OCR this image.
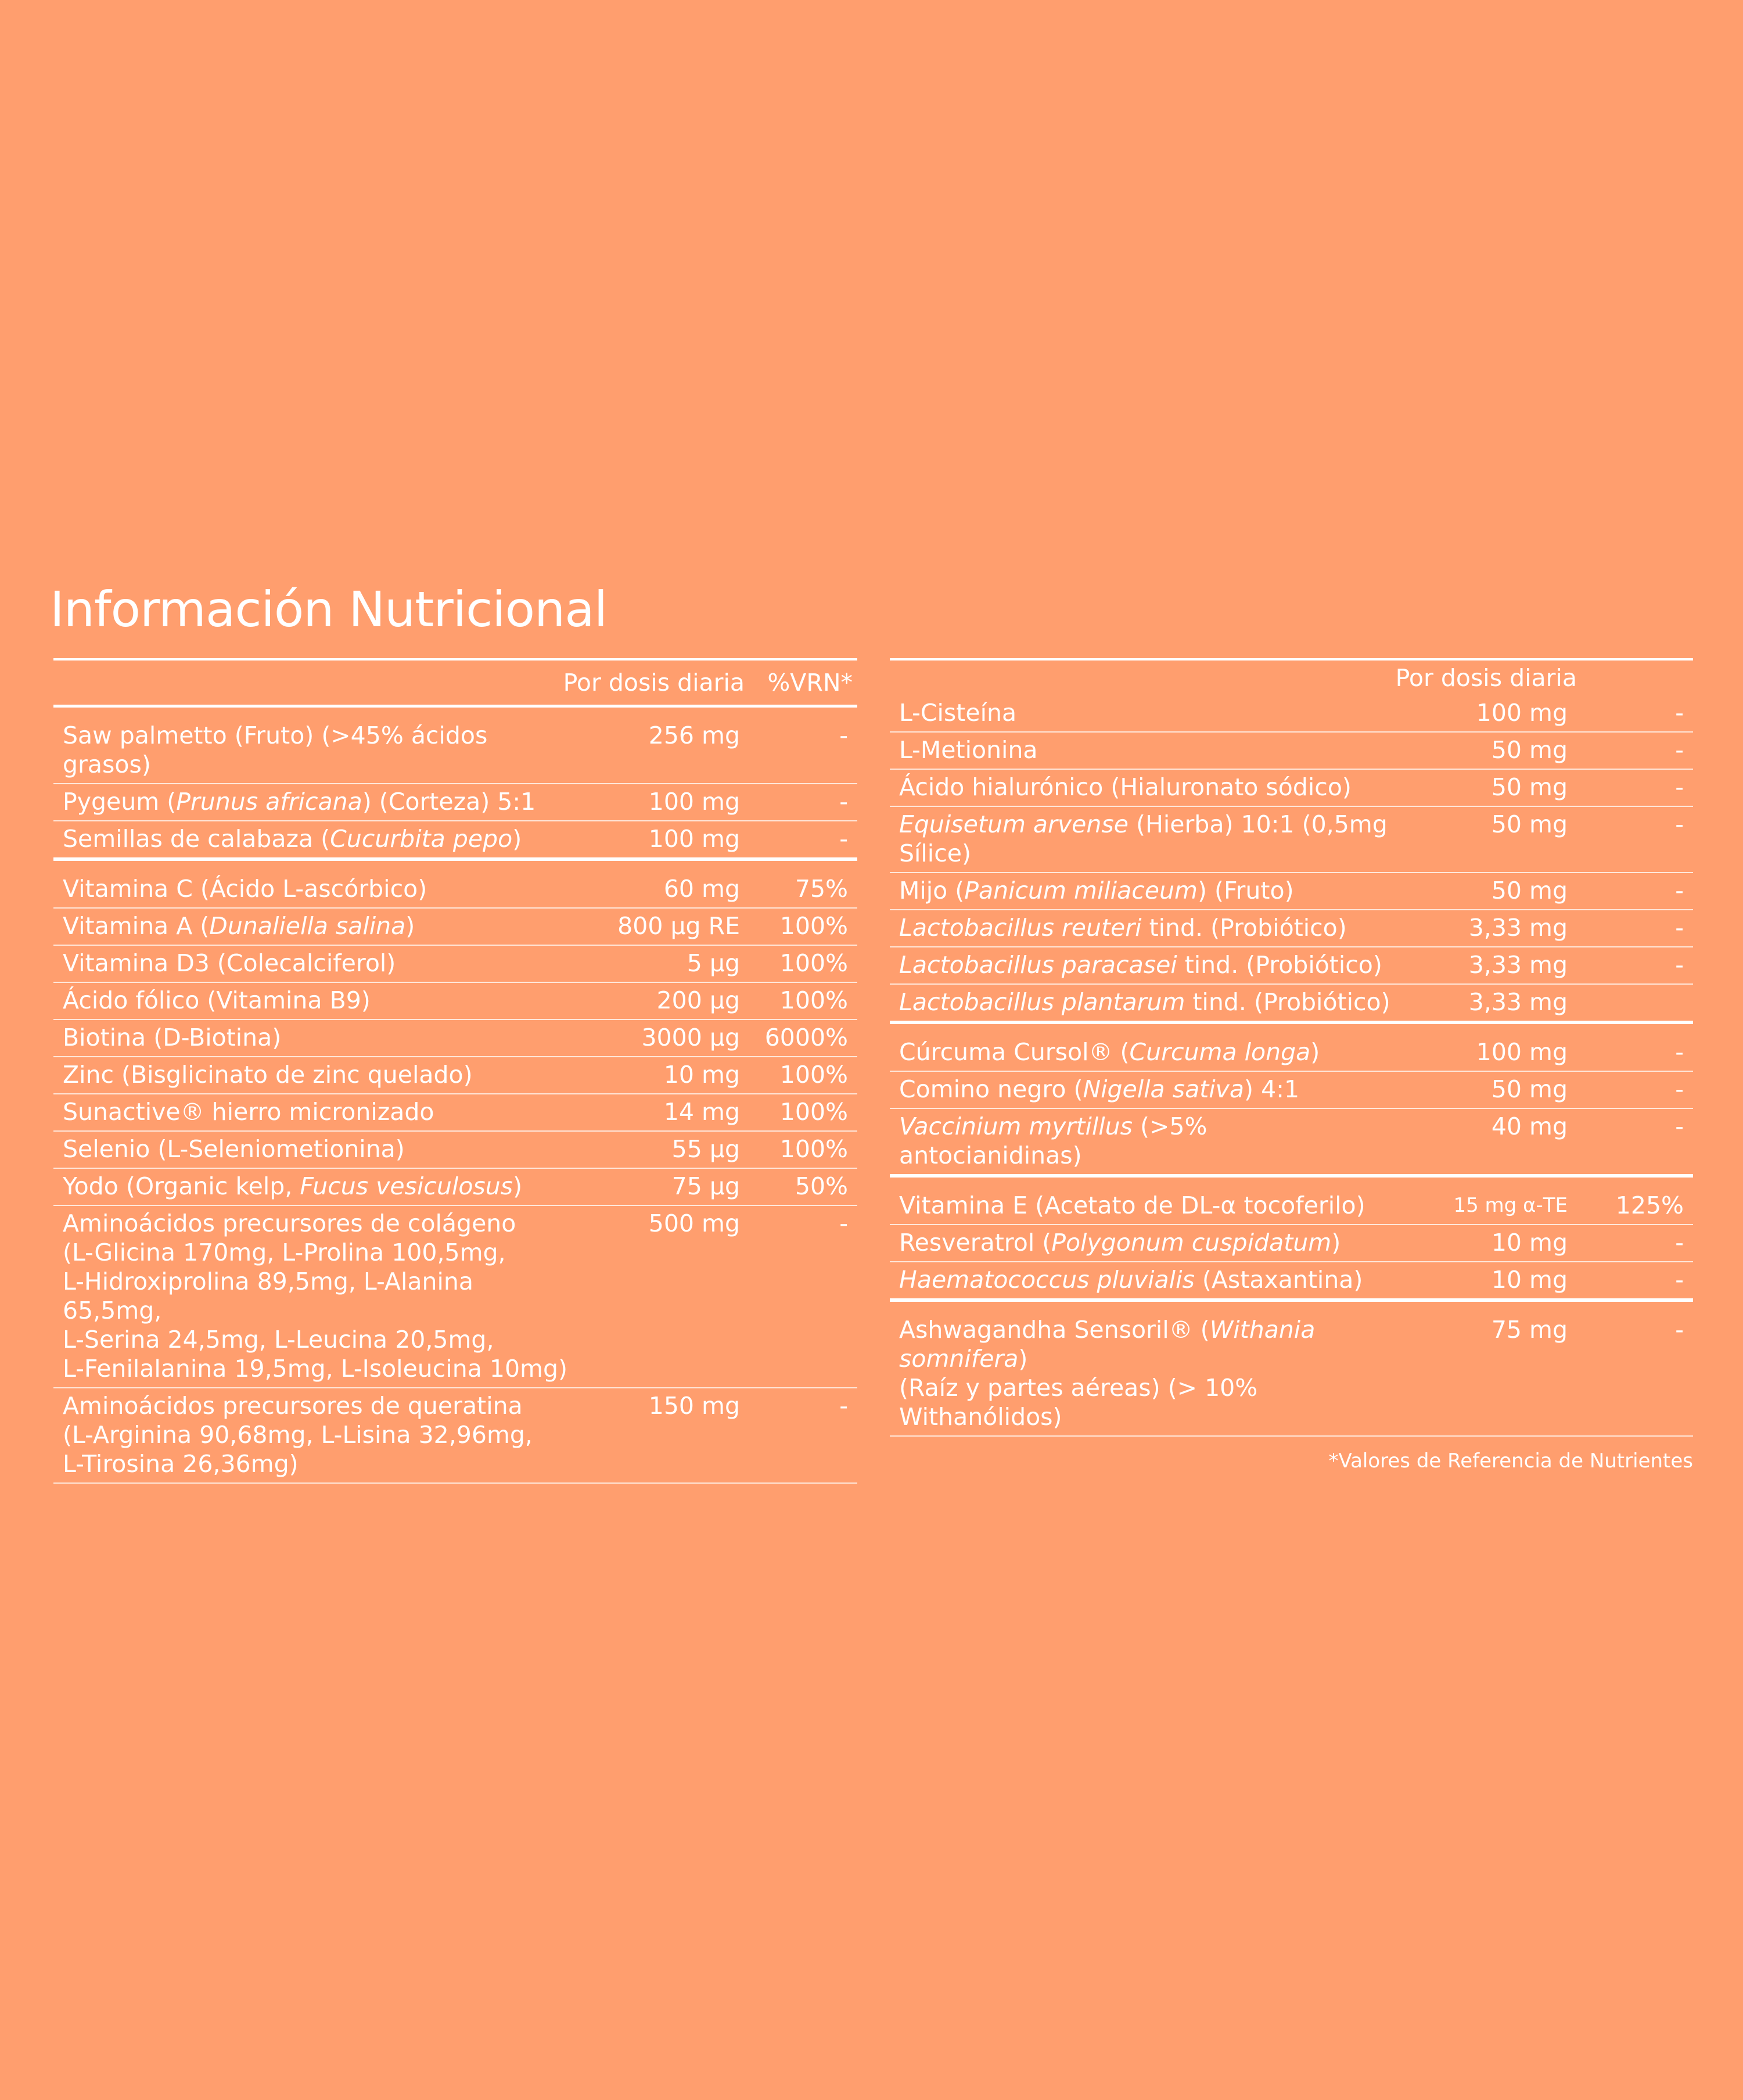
Información Nutricional
Por dosis diaria %VRN*
Saw palmetto (Fruto) (>45% ácidos grasos)
256 mg	-
Pygeum (Prunus africana) (Corteza) 5:1	100 mg	-
Semillas de calabaza (Cucurbita pepo)	100 mg	-
Vitamina C (Ácido L-ascórbico)	60 mg	75%
Vitamina A (Dunaliella salina)	800 µg RE	100%
Vitamina D3 (Colecalciferol)	5 µg	100%
Ácido fólico (Vitamina B9)	200 µg	100%
Biotina (D-Biotina)	3000 µg	6000%
Zinc (Bisglicinato de zinc quelado)	10 mg	100%
Sunactive® hierro micronizado	14 mg	100%
Selenio (L-Seleniometionina)	55 µg	100%
Yodo (Organic kelp, Fucus vesiculosus)	75 µg	50%
Aminoácidos precursores de colágeno
(L-Glicina 170mg, L-Prolina 100,5mg,
L-Hidroxiprolina 89,5mg, L-Alanina 65,5mg,
L-Serina 24,5mg, L-Leucina 20,5mg,
L-Fenilalanina 19,5mg, L-Isoleucina 10mg)
500 mg	-
Aminoácidos precursores de queratina
(L-Arginina 90,68mg, L-Lisina 32,96mg,
L-Tirosina 26,36mg)
150 mg	-
Por dosis diaria
L-Cisteína	100 mg	-
L-Metionina	50 mg	-
Ácido hialurónico (Hialuronato sódico)	50 mg	-
Equisetum arvense (Hierba) 10:1 (0,5mg Sílice)
50 mg	-
Mijo (Panicum miliaceum) (Fruto)	50 mg	-
Lactobacillus reuteri tind. (Probiótico)	3,33 mg	-
Lactobacillus paracasei tind. (Probiótico)	3,33 mg	-
Lactobacillus plantarum tind. (Probiótico)	3,33 mg
Cúrcuma Cursol® (Curcuma longa)	100 mg	-
Comino negro (Nigella sativa) 4:1	50 mg	-
Vaccinium myrtillus (>5% antocianidinas)
40 mg	-
Vitamina E (Acetato de DL-α tocoferilo)	15 mg α-TE	125%
Resveratrol (Polygonum cuspidatum)	10 mg	-
Haematococcus pluvialis (Astaxantina)	10 mg	-
Ashwagandha Sensoril® (Withania somnifera)
(Raíz y partes aéreas) (> 10% Withanólidos)
75 mg	-
*Valores de Referencia de Nutrientes
